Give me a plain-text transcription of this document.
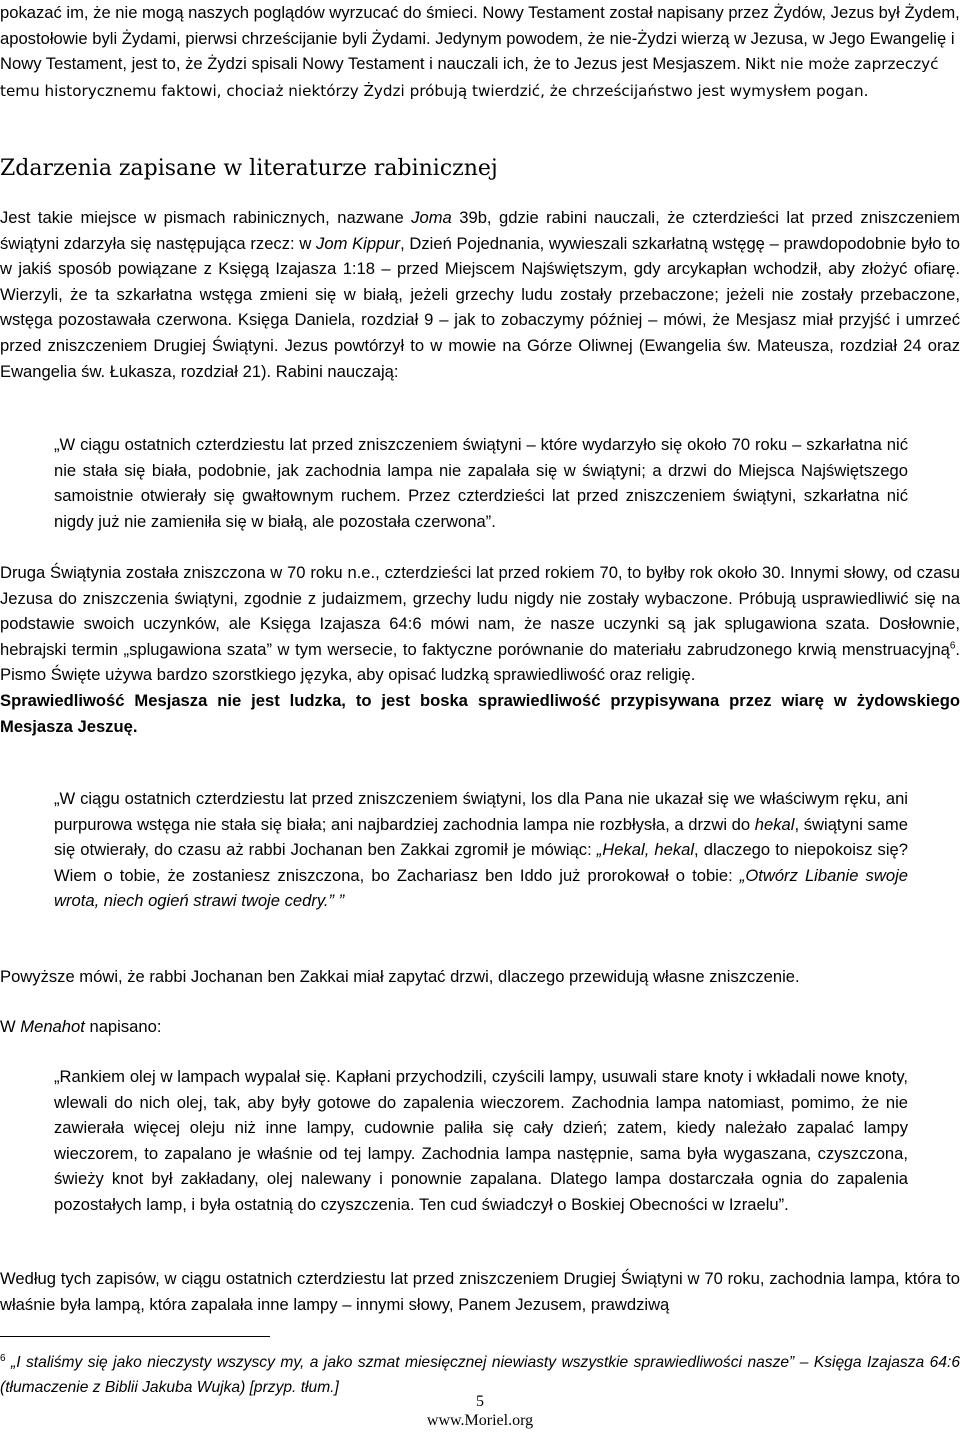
pokazać im, że nie mogą naszych poglądów wyrzucać do śmieci. Nowy Testament został napisany przez Żydów, Jezus był Żydem, apostołowie byli Żydami, pierwsi chrześcijanie byli Żydami. Jedynym powodem, że nie-Żydzi wierzą w Jezusa, w Jego Ewangelię i Nowy Testament, jest to, że Żydzi spisali Nowy Testament i nauczali ich, że to Jezus jest Mesjaszem. Nikt nie może zaprzeczyć temu historycznemu faktowi, chociaż niektórzy Żydzi próbują twierdzić, że chrześcijaństwo jest wymysłem pogan.

Zdarzenia zapisane w literaturze rabinicznej

Jest takie miejsce w pismach rabinicznych, nazwane Joma 39b, gdzie rabini nauczali, że czterdzieści lat przed zniszczeniem świątyni zdarzyła się następująca rzecz: w Jom Kippur, Dzień Pojednania, wywieszali szkarłatną wstęgę – prawdopodobnie było to w jakiś sposób powiązane z Księgą Izajasza 1:18 – przed Miejscem Najświętszym, gdy arcykapłan wchodził, aby złożyć ofiarę. Wierzyli, że ta szkarłatna wstęga zmieni się w białą, jeżeli grzechy ludu zostały przebaczone; jeżeli nie zostały przebaczone, wstęga pozostawała czerwona. Księga Daniela, rozdział 9 – jak to zobaczymy później – mówi, że Mesjasz miał przyjść i umrzeć przed zniszczeniem Drugiej Świątyni. Jezus powtórzył to w mowie na Górze Oliwnej (Ewangelia św. Mateusza, rozdział 24 oraz Ewangelia św. Łukasza, rozdział 21). Rabini nauczają:

„W ciągu ostatnich czterdziestu lat przed zniszczeniem świątyni – które wydarzyło się około 70 roku – szkarłatna nić nie stała się biała, podobnie, jak zachodnia lampa nie zapalała się w świątyni; a drzwi do Miejsca Najświętszego samoistnie otwierały się gwałtownym ruchem. Przez czterdzieści lat przed zniszczeniem świątyni, szkarłatna nić nigdy już nie zamieniła się w białą, ale pozostała czerwona”.

Druga Świątynia została zniszczona w 70 roku n.e., czterdzieści lat przed rokiem 70, to byłby rok około 30. Innymi słowy, od czasu Jezusa do zniszczenia świątyni, zgodnie z judaizmem, grzechy ludu nigdy nie zostały wybaczone. Próbują usprawiedliwić się na podstawie swoich uczynków, ale Księga Izajasza 64:6 mówi nam, że nasze uczynki są jak splugawiona szata. Dosłownie, hebrajski termin „splugawiona szata” w tym wersecie, to faktyczne porównanie do materiału zabrudzonego krwią menstruacyjną$^6$. Pismo Święte używa bardzo szorstkiego języka, aby opisać ludzką sprawiedliwość oraz religię.
Sprawiedliwość Mesjasza nie jest ludzka, to jest boska sprawiedliwość przypisywana przez wiarę w żydowskiego Mesjasza Jeszuę.

„W ciągu ostatnich czterdziestu lat przed zniszczeniem świątyni, los dla Pana nie ukazał się we właściwym ręku, ani purpurowa wstęga nie stała się biała; ani najbardziej zachodnia lampa nie rozbłysła, a drzwi do hekal, świątyni same się otwierały, do czasu aż rabbi Jochanan ben Zakkai zgromił je mówiąc: „Hekal, hekal, dlaczego to niepokoisz się? Wiem o tobie, że zostaniesz zniszczona, bo Zachariasz ben Iddo już prorokował o tobie: „Otwórz Libanie swoje wrota, niech ogień strawi twoje cedry.” ”

Powyższe mówi, że rabbi Jochanan ben Zakkai miał zapytać drzwi, dlaczego przewidują własne zniszczenie.

W Menahot napisano:

„Rankiem olej w lampach wypalał się. Kapłani przychodzili, czyścili lampy, usuwali stare knoty i wkładali nowe knoty, wlewali do nich olej, tak, aby były gotowe do zapalenia wieczorem. Zachodnia lampa natomiast, pomimo, że nie zawierała więcej oleju niż inne lampy, cudownie paliła się cały dzień; zatem, kiedy należało zapalać lampy wieczorem, to zapalano je właśnie od tej lampy. Zachodnia lampa następnie, sama była wygaszana, czyszczona, świeży knot był zakładany, olej nalewany i ponownie zapalana. Dlatego lampa dostarczała ognia do zapalenia pozostałych lamp, i była ostatnią do czyszczenia. Ten cud świadczył o Boskiej Obecności w Izraelu”.

Według tych zapisów, w ciągu ostatnich czterdziestu lat przed zniszczeniem Drugiej Świątyni w 70 roku, zachodnia lampa, która to właśnie była lampą, która zapalała inne lampy – innymi słowy, Panem Jezusem, prawdziwą

$^6$ „I staliśmy się jako nieczysty wszyscy my, a jako szmat miesięcznej niewiasty wszystkie sprawiedliwości nasze” – Księga Izajasza 64:6 (tłumaczenie z Biblii Jakuba Wujka) [przyp. tłum.]

5

www.Moriel.org
